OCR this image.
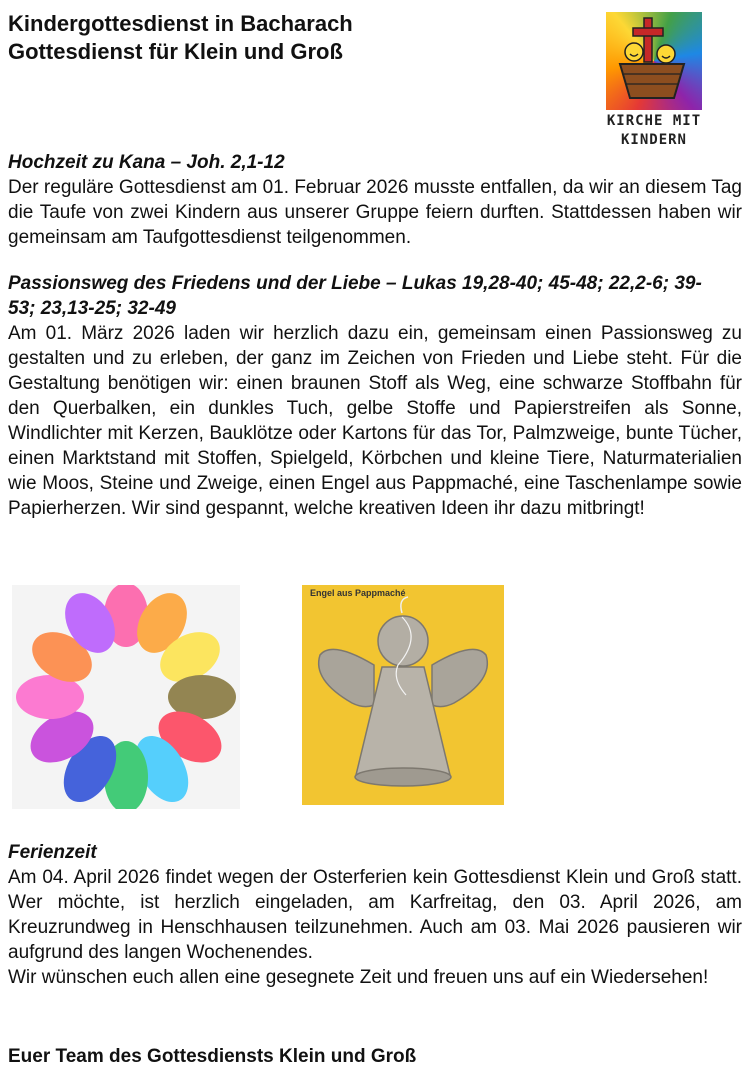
Kindergottesdienst in Bacharach
Gottesdienst für Klein und Groß
KIRCHE MIT
KINDERN

Hochzeit zu Kana – Joh. 2,1-12

Der reguläre Gottesdienst am 01. Februar 2026 musste entfallen, da wir an diesem Tag die Taufe von zwei Kindern aus unserer Gruppe feiern durften. Stattdessen haben wir gemeinsam am Taufgottesdienst teilgenommen.

Passionsweg des Friedens und der Liebe – Lukas 19,28-40; 45-48; 22,2-6; 39-53; 23,13-25; 32-49

Am 01. März 2026 laden wir herzlich dazu ein, gemeinsam einen Passionsweg zu gestalten und zu erleben, der ganz im Zeichen von Frieden und Liebe steht. Für die Gestaltung benötigen wir: einen braunen Stoff als Weg, eine schwarze Stoffbahn für den Querbalken, ein dunkles Tuch, gelbe Stoffe und Papierstreifen als Sonne, Windlichter mit Kerzen, Bauklötze oder Kartons für das Tor, Palmzweige, bunte Tücher, einen Marktstand mit Stoffen, Spielgeld, Körbchen und kleine Tiere, Naturmaterialien wie Moos, Steine und Zweige, einen Engel aus Pappmaché, eine Taschenlampe sowie Papierherzen. Wir sind gespannt, welche kreativen Ideen ihr dazu mitbringt!

Engel aus Pappmaché

Ferienzeit

Am 04. April 2026 findet wegen der Osterferien kein Gottesdienst Klein und Groß statt. Wer möchte, ist herzlich eingeladen, am Karfreitag, den 03. April 2026, am Kreuzrundweg in Henschhausen teilzunehmen. Auch am 03. Mai 2026 pausieren wir aufgrund des langen Wochenendes.

Wir wünschen euch allen eine gesegnete Zeit und freuen uns auf ein Wiedersehen!

Euer Team des Gottesdiensts Klein und Groß
